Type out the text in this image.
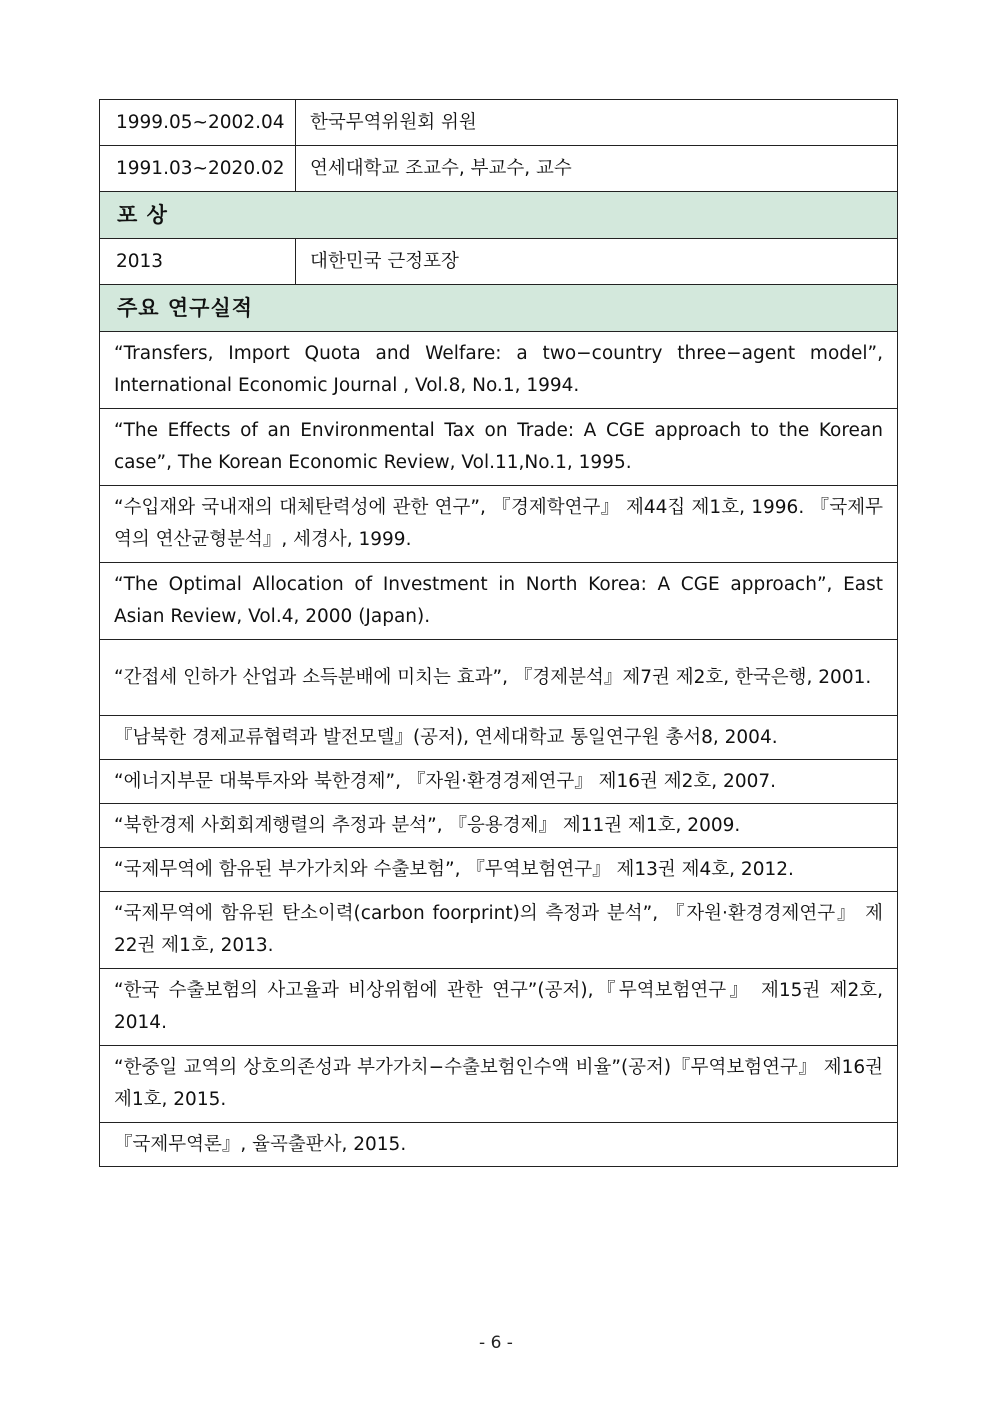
1999.05~2002.04	한국무역위원회 위원
1991.03~2020.02	연세대학교 조교수, 부교수, 교수
포 상	
2013	대한민국 근정포장
주요 연구실적	
“Transfers, Import Quota and Welfare: a two−country three−agent model”, International Economic Journal , Vol.8, No.1, 1994.	
“The Effects of an Environmental Tax on Trade: A CGE approach to the Korean case”, The Korean Economic Review, Vol.11,No.1, 1995.	
“수입재와 국내재의 대체탄력성에 관한 연구”, 『경제학연구』 제44집 제1호, 1996. 『국제무역의 연산균형분석』, 세경사, 1999.	
“The Optimal Allocation of Investment in North Korea: A CGE approach”, East Asian Review, Vol.4, 2000 (Japan).	
“간접세 인하가 산업과 소득분배에 미치는 효과”, 『경제분석』제7권 제2호, 한국은행, 2001.	
『남북한 경제교류협력과 발전모델』(공저), 연세대학교 통일연구원 총서8, 2004.	
“에너지부문 대북투자와 북한경제”, 『자원·환경경제연구』 제16권 제2호, 2007.	
“북한경제 사회회계행렬의 추정과 분석”, 『응용경제』 제11권 제1호, 2009.	
“국제무역에 함유된 부가가치와 수출보험”, 『무역보험연구』 제13권 제4호, 2012.	
“국제무역에 함유된 탄소이력(carbon foorprint)의 측정과 분석”, 『자원·환경경제연구』 제22권 제1호, 2013.	
“한국 수출보험의 사고율과 비상위험에 관한 연구”(공저),『무역보험연구』 제15권 제2호, 2014.	
“한중일 교역의 상호의존성과 부가가치−수출보험인수액 비율”(공저)『무역보험연구』 제16권 제1호, 2015.	
『국제무역론』, 율곡출판사, 2015.	
- 6 -
